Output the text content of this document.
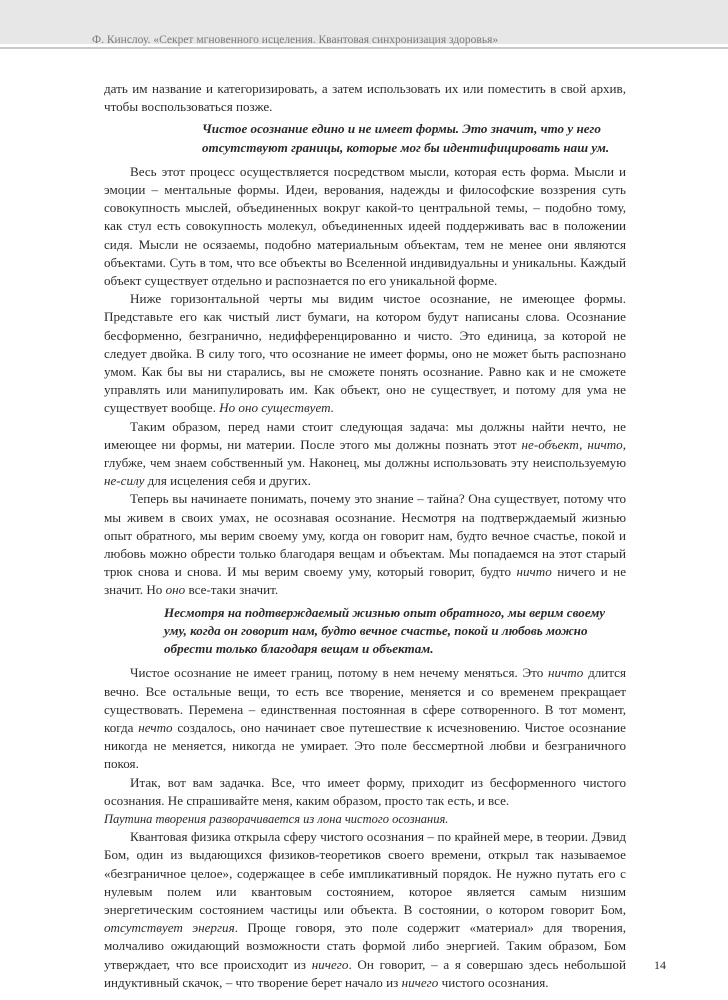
Ф. Кинслоу. «Секрет мгновенного исцеления. Квантовая синхронизация здоровья»

дать им название и категоризировать, а затем использовать их или поместить в свой архив, чтобы воспользоваться позже.

Чистое осознание едино и не имеет формы. Это значит, что у него отсутствуют границы, которые мог бы идентифицировать наш ум.

Весь этот процесс осуществляется посредством мысли, которая есть форма. Мысли и эмоции – ментальные формы. Идеи, верования, надежды и философские воззрения суть совокупность мыслей, объединенных вокруг какой-то центральной темы, – подобно тому, как стул есть совокупность молекул, объединенных идеей поддерживать вас в положении сидя. Мысли не осязаемы, подобно материальным объектам, тем не менее они являются объектами. Суть в том, что все объекты во Вселенной индивидуальны и уникальны. Каждый объект существует отдельно и распознается по его уникальной форме.

Ниже горизонтальной черты мы видим чистое осознание, не имеющее формы. Представьте его как чистый лист бумаги, на котором будут написаны слова. Осознание бесформенно, безгранично, недифференцированно и чисто. Это единица, за которой не следует двойка. В силу того, что осознание не имеет формы, оно не может быть распознано умом. Как бы вы ни старались, вы не сможете понять осознание. Равно как и не сможете управлять или манипулировать им. Как объект, оно не существует, и потому для ума не существует вообще. Но оно существует.

Таким образом, перед нами стоит следующая задача: мы должны найти нечто, не имеющее ни формы, ни материи. После этого мы должны познать этот не-объект, ничто, глубже, чем знаем собственный ум. Наконец, мы должны использовать эту неиспользуемую не-силу для исцеления себя и других.

Теперь вы начинаете понимать, почему это знание – тайна? Она существует, потому что мы живем в своих умах, не осознавая осознание. Несмотря на подтверждаемый жизнью опыт обратного, мы верим своему уму, когда он говорит нам, будто вечное счастье, покой и любовь можно обрести только благодаря вещам и объектам. Мы попадаемся на этот старый трюк снова и снова. И мы верим своему уму, который говорит, будто ничто ничего и не значит. Но оно все-таки значит.

Несмотря на подтверждаемый жизнью опыт обратного, мы верим своему уму, когда он говорит нам, будто вечное счастье, покой и любовь можно обрести только благодаря вещам и объектам.

Чистое осознание не имеет границ, потому в нем нечему меняться. Это ничто длится вечно. Все остальные вещи, то есть все творение, меняется и со временем прекращает существовать. Перемена – единственная постоянная в сфере сотворенного. В тот момент, когда нечто создалось, оно начинает свое путешествие к исчезновению. Чистое осознание никогда не меняется, никогда не умирает. Это поле бессмертной любви и безграничного покоя.

Итак, вот вам задачка. Все, что имеет форму, приходит из бесформенного чистого осознания. Не спрашивайте меня, каким образом, просто так есть, и все.

Паутина творения разворачивается из лона чистого осознания.

Квантовая физика открыла сферу чистого осознания – по крайней мере, в теории. Дэвид Бом, один из выдающихся физиков-теоретиков своего времени, открыл так называемое «безграничное целое», содержащее в себе импликативный порядок. Не нужно путать его с нулевым полем или квантовым состоянием, которое является самым низшим энергетическим состоянием частицы или объекта. В состоянии, о котором говорит Бом, отсутствует энергия. Проще говоря, это поле содержит «материал» для творения, молчаливо ожидающий возможности стать формой либо энергией. Таким образом, Бом утверждает, что все происходит из ничего. Он говорит, – а я совершаю здесь небольшой индуктивный скачок, – что творение берет начало из ничего чистого осознания.

14
